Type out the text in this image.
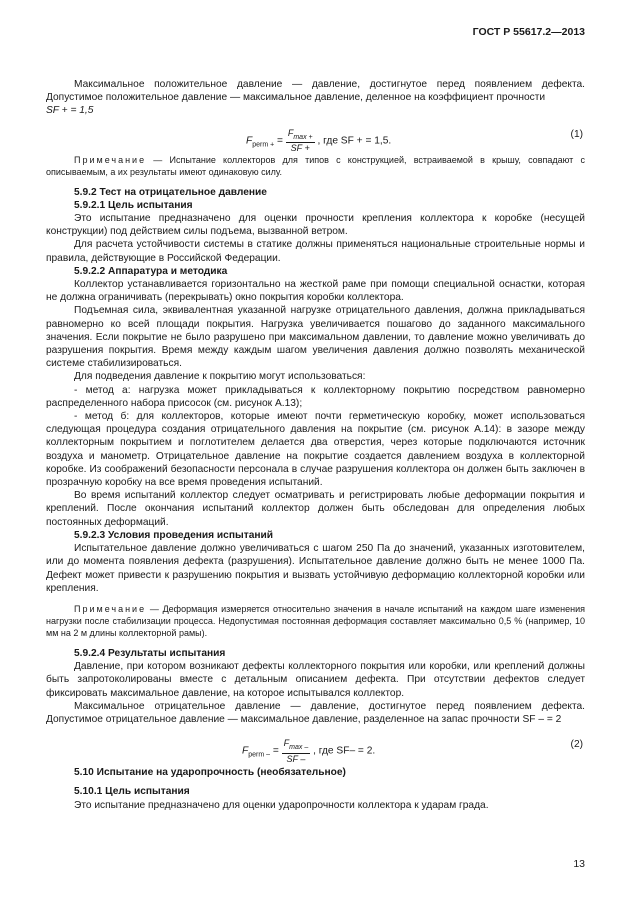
ГОСТ Р 55617.2—2013

Максимальное положительное давление — давление, достигнутое перед появлением дефекта. Допустимое положительное давление — максимальное давление, деленное на коэффициент прочности

SF + = 1,5

$F_{perm +} = \frac{F_{max +}}{SF +}$ , где SF + = 1,5.
(1)

Примечание — Испытание коллекторов для типов с конструкцией, встраиваемой в крышу, совпадают с описываемым, а их результаты имеют одинаковую силу.

5.9.2 Тест на отрицательное давление

5.9.2.1 Цель испытания

Это испытание предназначено для оценки прочности крепления коллектора к коробке (несущей конструкции) под действием силы подъема, вызванной ветром.

Для расчета устойчивости системы в статике должны применяться национальные строительные нормы и правила, действующие в Российской Федерации.

5.9.2.2 Аппаратура и методика

Коллектор устанавливается горизонтально на жесткой раме при помощи специальной оснастки, которая не должна ограничивать (перекрывать) окно покрытия коробки коллектора.

Подъемная сила, эквивалентная указанной нагрузке отрицательного давления, должна прикладываться равномерно ко всей площади покрытия. Нагрузка увеличивается пошагово до заданного максимального значения. Если покрытие не было разрушено при максимальном давлении, то давление можно увеличивать до разрушения покрытия. Время между каждым шагом увеличения давления должно позволять механической системе стабилизироваться.

Для подведения давление к покрытию могут использоваться:

- метод а: нагрузка может прикладываться к коллекторному покрытию посредством равномерно распределенного набора присосок (см. рисунок А.13);

- метод б: для коллекторов, которые имеют почти герметическую коробку, может использоваться следующая процедура создания отрицательного давления на покрытие (см. рисунок А.14): в зазоре между коллекторным покрытием и поглотителем делается два отверстия, через которые подключаются источник воздуха и манометр. Отрицательное давление на покрытие создается давлением воздуха в коллекторной коробке. Из соображений безопасности персонала в случае разрушения коллектора он должен быть заключен в прозрачную коробку на все время проведения испытаний.

Во время испытаний коллектор следует осматривать и регистрировать любые деформации покрытия и креплений. После окончания испытаний коллектор должен быть обследован для определения любых постоянных деформаций.

5.9.2.3 Условия проведения испытаний

Испытательное давление должно увеличиваться с шагом 250 Па до значений, указанных изготовителем, или до момента появления дефекта (разрушения). Испытательное давление должно быть не менее 1000 Па. Дефект может привести к разрушению покрытия и вызвать устойчивую деформацию коллекторной коробки или крепления.

Примечание — Деформация измеряется относительно значения в начале испытаний на каждом шаге изменения нагрузки после стабилизации процесса. Недопустимая постоянная деформация составляет максимально 0,5 % (например, 10 мм на 2 м длины коллекторной рамы).

5.9.2.4 Результаты испытания

Давление, при котором возникают дефекты коллекторного покрытия или коробки, или креплений должны быть запротоколированы вместе с детальным описанием дефекта. При отсутствии дефектов следует фиксировать максимальное давление, на которое испытывался коллектор.

Максимальное отрицательное давление — давление, достигнутое перед появлением дефекта. Допустимое отрицательное давление — максимальное давление, разделенное на запас прочности SF – = 2

$F_{perm -} = \frac{F_{max -}}{SF -}$ , где SF– = 2.
(2)

5.10 Испытание на ударопрочность (необязательное)

5.10.1 Цель испытания

Это испытание предназначено для оценки ударопрочности коллектора к ударам града.

13
